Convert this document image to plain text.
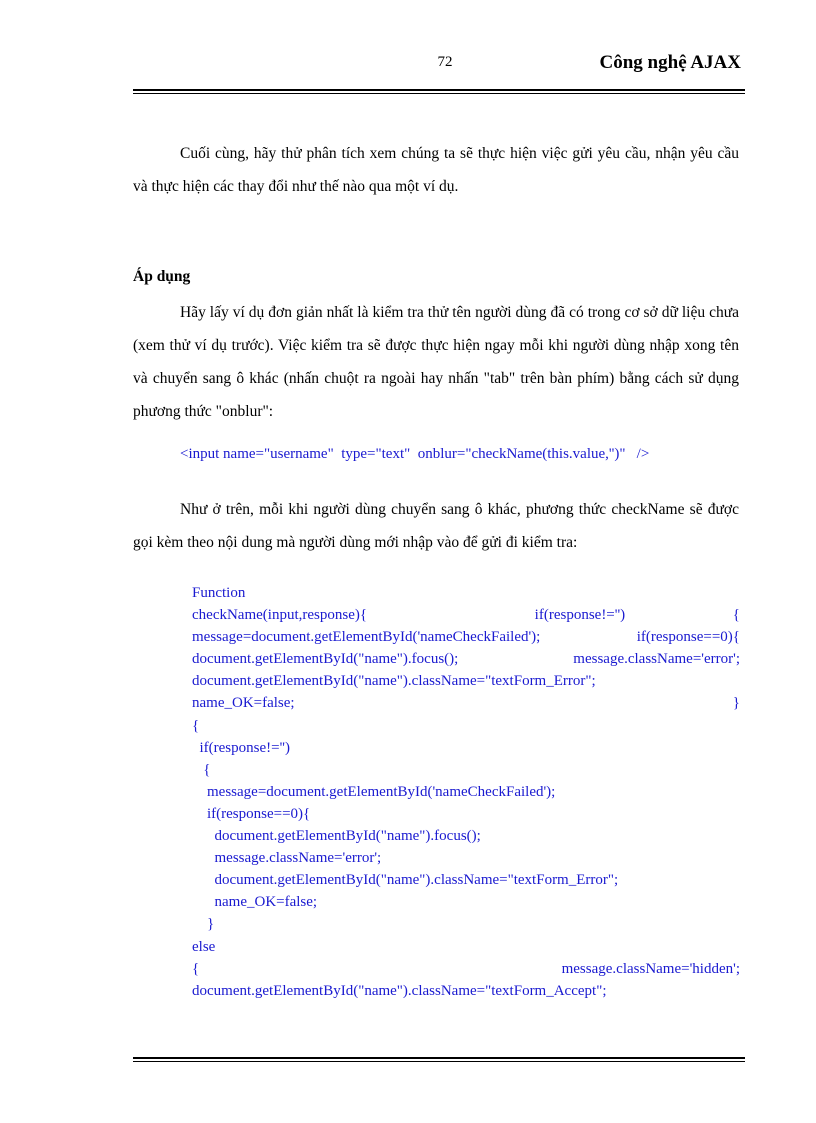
72	Công nghệ AJAX

Cuối cùng, hãy thử phân tích xem chúng ta sẽ thực hiện việc gửi yêu cầu, nhận yêu cầu và thực hiện các thay đổi như thế nào qua một ví dụ.

Áp dụng

Hãy lấy ví dụ đơn giản nhất là kiểm tra thử tên người dùng đã có trong cơ sở dữ liệu chưa (xem thử ví dụ trước). Việc kiểm tra sẽ được thực hiện ngay mỗi khi người dùng nhập xong tên và chuyển sang ô khác (nhấn chuột ra ngoài hay nhấn "tab" trên bàn phím) bằng cách sử dụng phương thức "onblur":

<input name="username"  type="text"  onblur="checkName(this.value,'')"   />

Như ở trên, mỗi khi người dùng chuyển sang ô khác, phương thức checkName sẽ được gọi kèm theo nội dung mà người dùng mới nhập vào để gửi đi kiểm tra:

Function
checkName(input,response){	if(response!='')	{
message=document.getElementById('nameCheckFailed');	if(response==0){
document.getElementById("name").focus();	message.className='error';
document.getElementById("name").className="textForm_Error";
name_OK=false;	}
{
if(response!='')
{
message=document.getElementById('nameCheckFailed');
if(response==0){
document.getElementById("name").focus();
message.className='error';
document.getElementById("name").className="textForm_Error";
name_OK=false;
}
else
{	message.className='hidden';
document.getElementById("name").className="textForm_Accept";
